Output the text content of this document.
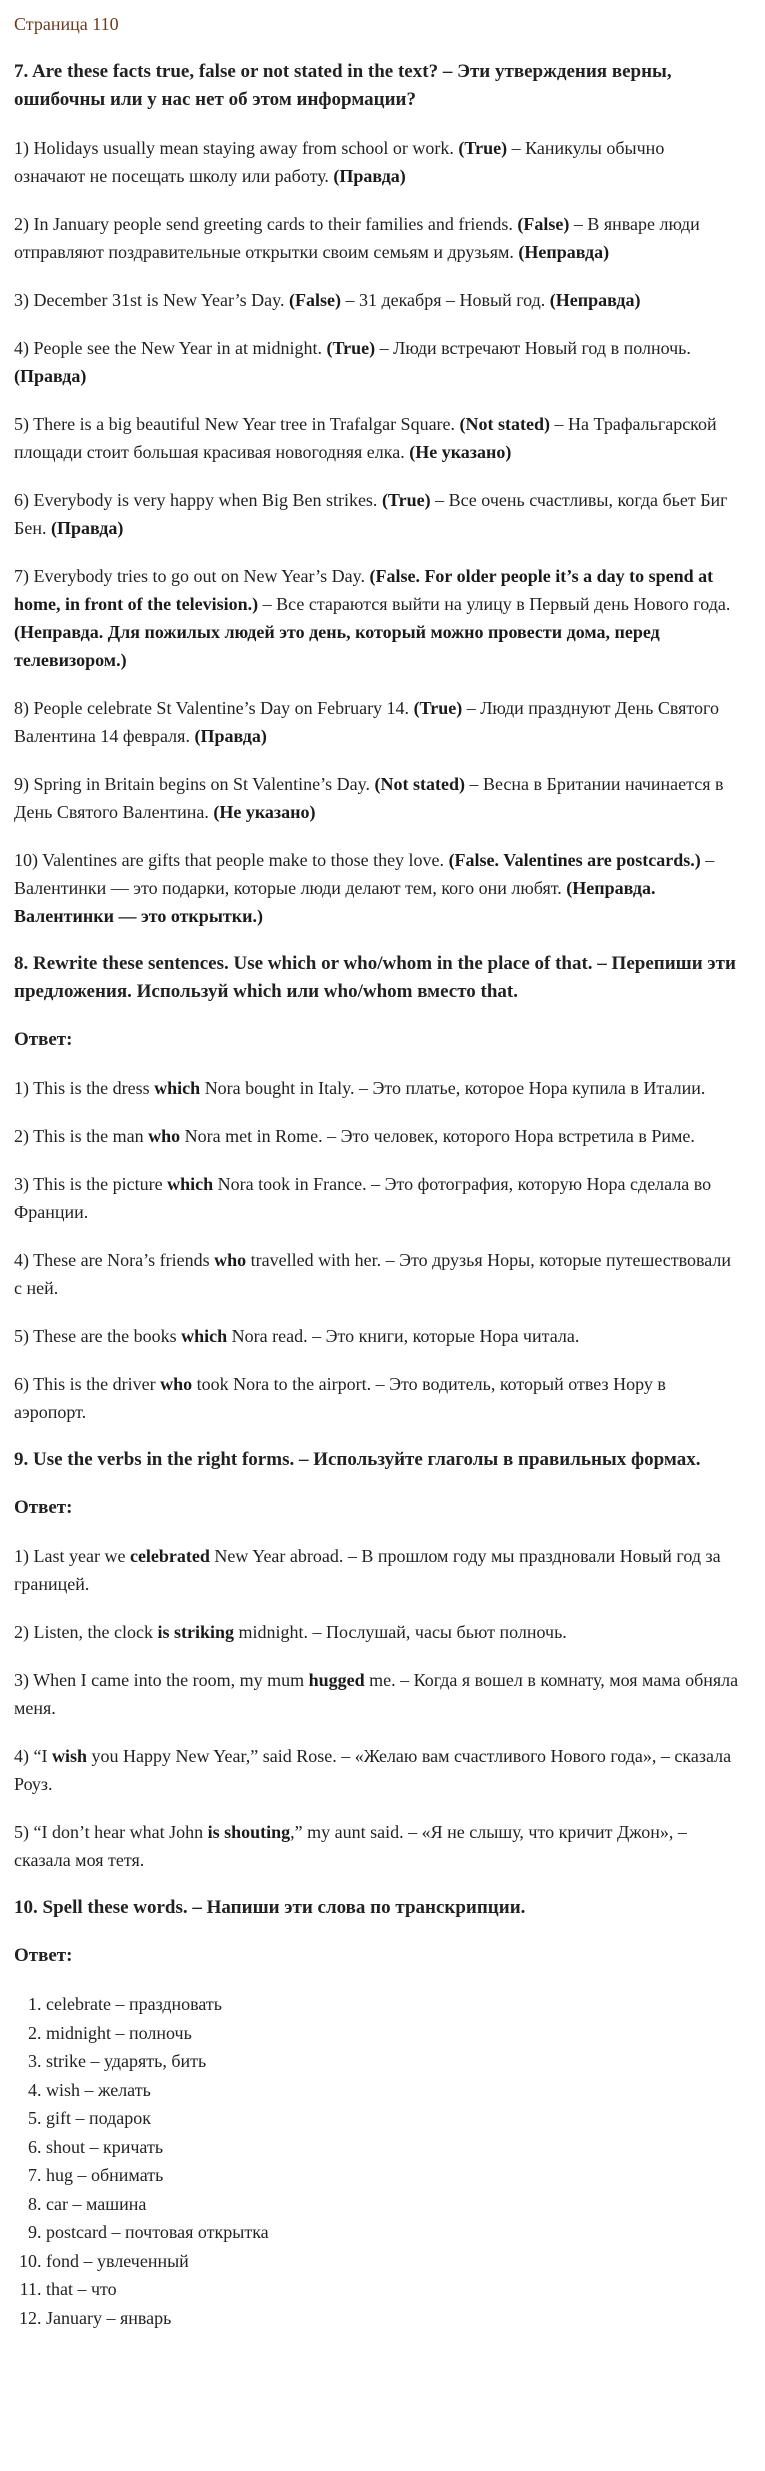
Страница 110

7. Are these facts true, false or not stated in the text? – Эти утверждения верны, ошибочны или у нас нет об этом информации?

1) Holidays usually mean staying away from school or work. (True) – Каникулы обычно означают не посещать школу или работу. (Правда)

2) In January people send greeting cards to their families and friends. (False) – В январе люди отправляют поздравительные открытки своим семьям и друзьям. (Неправда)

3) December 31st is New Year’s Day. (False) – 31 декабря – Новый год. (Неправда)

4) People see the New Year in at midnight. (True) – Люди встречают Новый год в полночь. (Правда)

5) There is a big beautiful New Year tree in Trafalgar Square. (Not stated) – На Трафальгарской площади стоит большая красивая новогодняя елка. (Не указано)

6) Everybody is very happy when Big Ben strikes. (True) – Все очень счастливы, когда бьет Биг Бен. (Правда)

7) Everybody tries to go out on New Year’s Day. (False. For older people it’s a day to spend at home, in front of the television.) – Все стараются выйти на улицу в Первый день Нового года. (Неправда. Для пожилых людей это день, который можно провести дома, перед телевизором.)

8) People celebrate St Valentine’s Day on February 14. (True) – Люди празднуют День Святого Валентина 14 февраля. (Правда)

9) Spring in Britain begins on St Valentine’s Day. (Not stated) – Весна в Британии начинается в День Святого Валентина. (Не указано)

10) Valentines are gifts that people make to those they love. (False. Valentines are postcards.) – Валентинки — это подарки, которые люди делают тем, кого они любят. (Неправда. Валентинки — это открытки.)

8. Rewrite these sentences. Use which or who/whom in the place of that. – Перепиши эти предложения. Используй which или who/whom вместо that.

Ответ:

1) This is the dress which Nora bought in Italy. – Это платье, которое Нора купила в Италии.

2) This is the man who Nora met in Rome. – Это человек, которого Нора встретила в Риме.

3) This is the picture which Nora took in France. – Это фотография, которую Нора сделала во Франции.

4) These are Nora’s friends who travelled with her. – Это друзья Норы, которые путешествовали с ней.

5) These are the books which Nora read. – Это книги, которые Нора читала.

6) This is the driver who took Nora to the airport. – Это водитель, который отвез Нору в аэропорт.

9. Use the verbs in the right forms. – Используйте глаголы в правильных формах.

Ответ:

1) Last year we celebrated New Year abroad. – В прошлом году мы праздновали Новый год за границей.

2) Listen, the clock is striking midnight. – Послушай, часы бьют полночь.

3) When I came into the room, my mum hugged me. – Когда я вошел в комнату, моя мама обняла меня.

4) “I wish you Happy New Year,” said Rose. – «Желаю вам счастливого Нового года», – сказала Роуз.

5) “I don’t hear what John is shouting,” my aunt said. – «Я не слышу, что кричит Джон», – сказала моя тетя.

10. Spell these words. – Напиши эти слова по транскрипции.

Ответ:

1. celebrate – праздновать
2. midnight – полночь
3. strike – ударять, бить
4. wish – желать
5. gift – подарок
6. shout – кричать
7. hug – обнимать
8. car – машина
9. postcard – почтовая открытка
10. fond – увлеченный
11. that – что
12. January – январь
